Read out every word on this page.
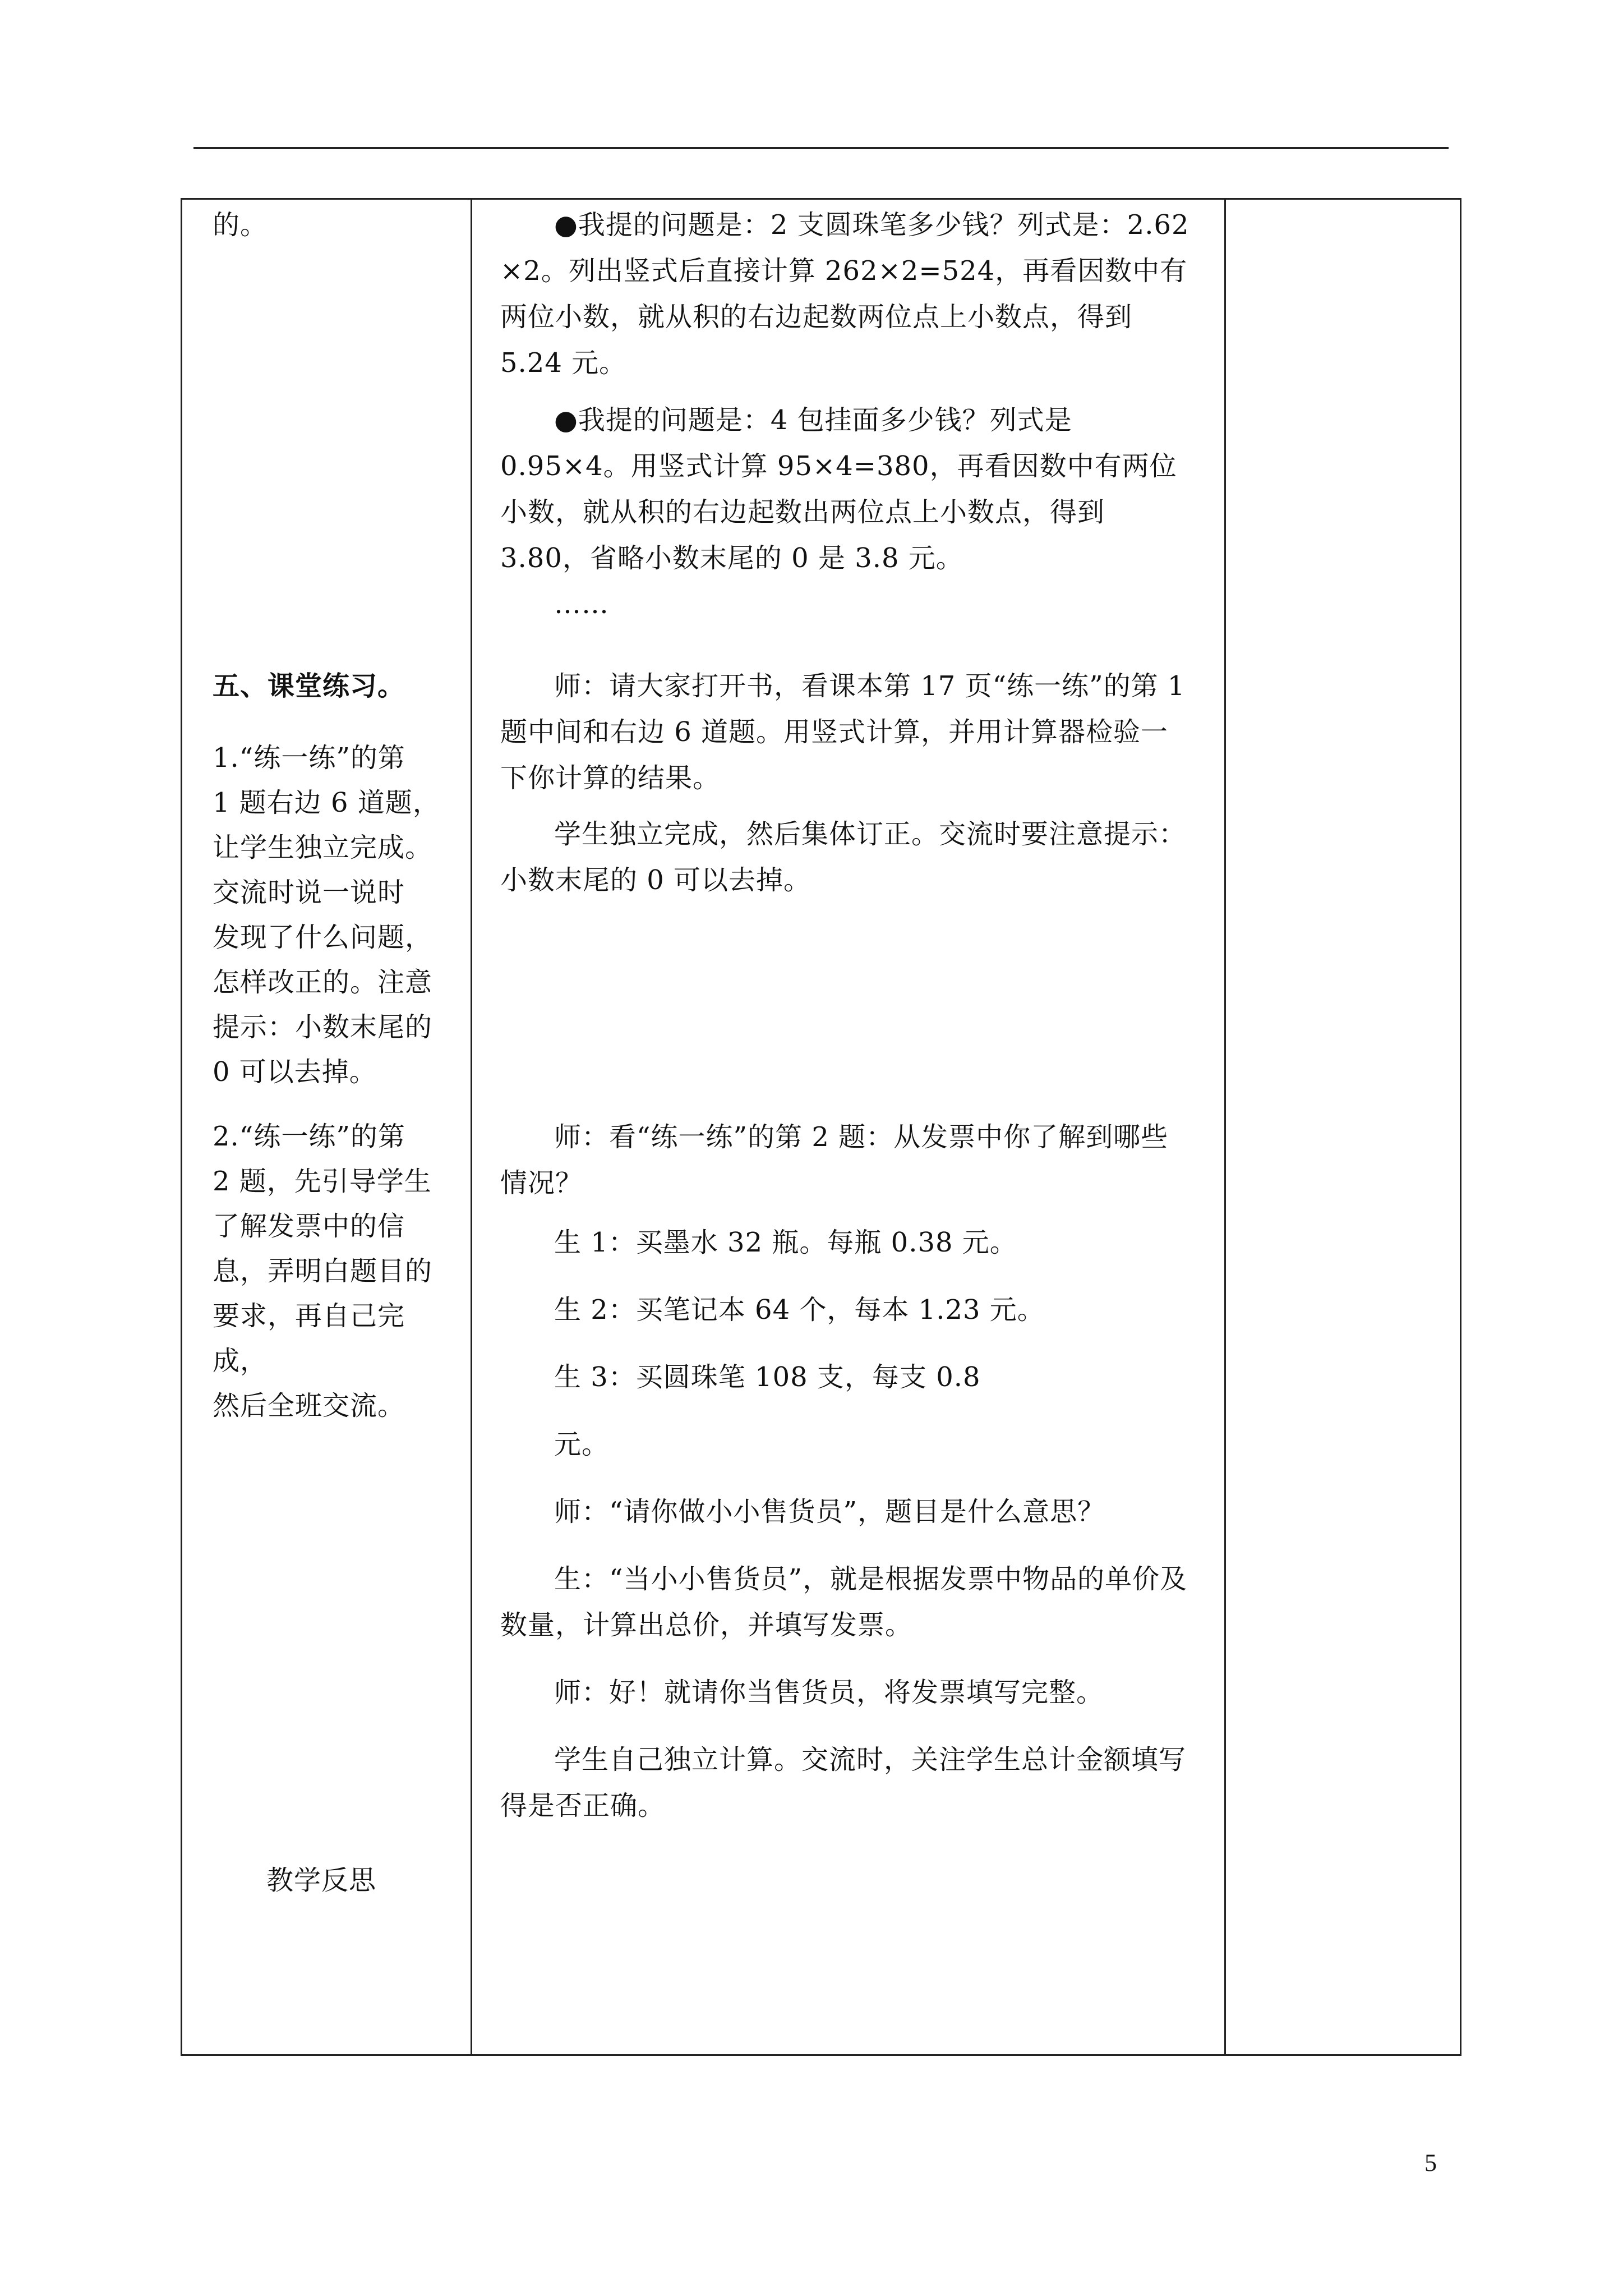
的。

五、课堂练习。

1.“练一练”的第
1 题右边 6 道题，
让学生独立完成。
交流时说一说时
发现了什么问题，
怎样改正的。注意
提示：小数末尾的
0 可以去掉。

2.“练一练”的第
2 题，先引导学生
了解发票中的信
息，弄明白题目的
要求，再自己完成，
然后全班交流。

教学反思

●我提的问题是：2 支圆珠笔多少钱？列式是：2.62 ×2。列出竖式后直接计算 262×2=524，再看因数中有两位小数，就从积的右边起数两位点上小数点，得到5.24 元。

●我提的问题是：4 包挂面多少钱？列式是 0.95×4。用竖式计算 95×4=380，再看因数中有两位小数，就从积的右边起数出两位点上小数点，得到 3.80，省略小数末尾的 0 是 3.8 元。

……

师：请大家打开书，看课本第 17 页“练一练”的第 1 题中间和右边 6 道题。用竖式计算，并用计算器检验一下你计算的结果。

学生独立完成，然后集体订正。交流时要注意提示：小数末尾的 0 可以去掉。

师：看“练一练”的第 2 题：从发票中你了解到哪些情况？

生 1：买墨水 32 瓶。每瓶 0.38 元。

生 2：买笔记本 64 个，每本 1.23 元。

生 3：买圆珠笔 108 支，每支 0.8

元。

师：“请你做小小售货员”，题目是什么意思？

生：“当小小售货员”，就是根据发票中物品的单价及数量，计算出总价，并填写发票。

师：好！就请你当售货员，将发票填写完整。

学生自己独立计算。交流时，关注学生总计金额填写得是否正确。

5
